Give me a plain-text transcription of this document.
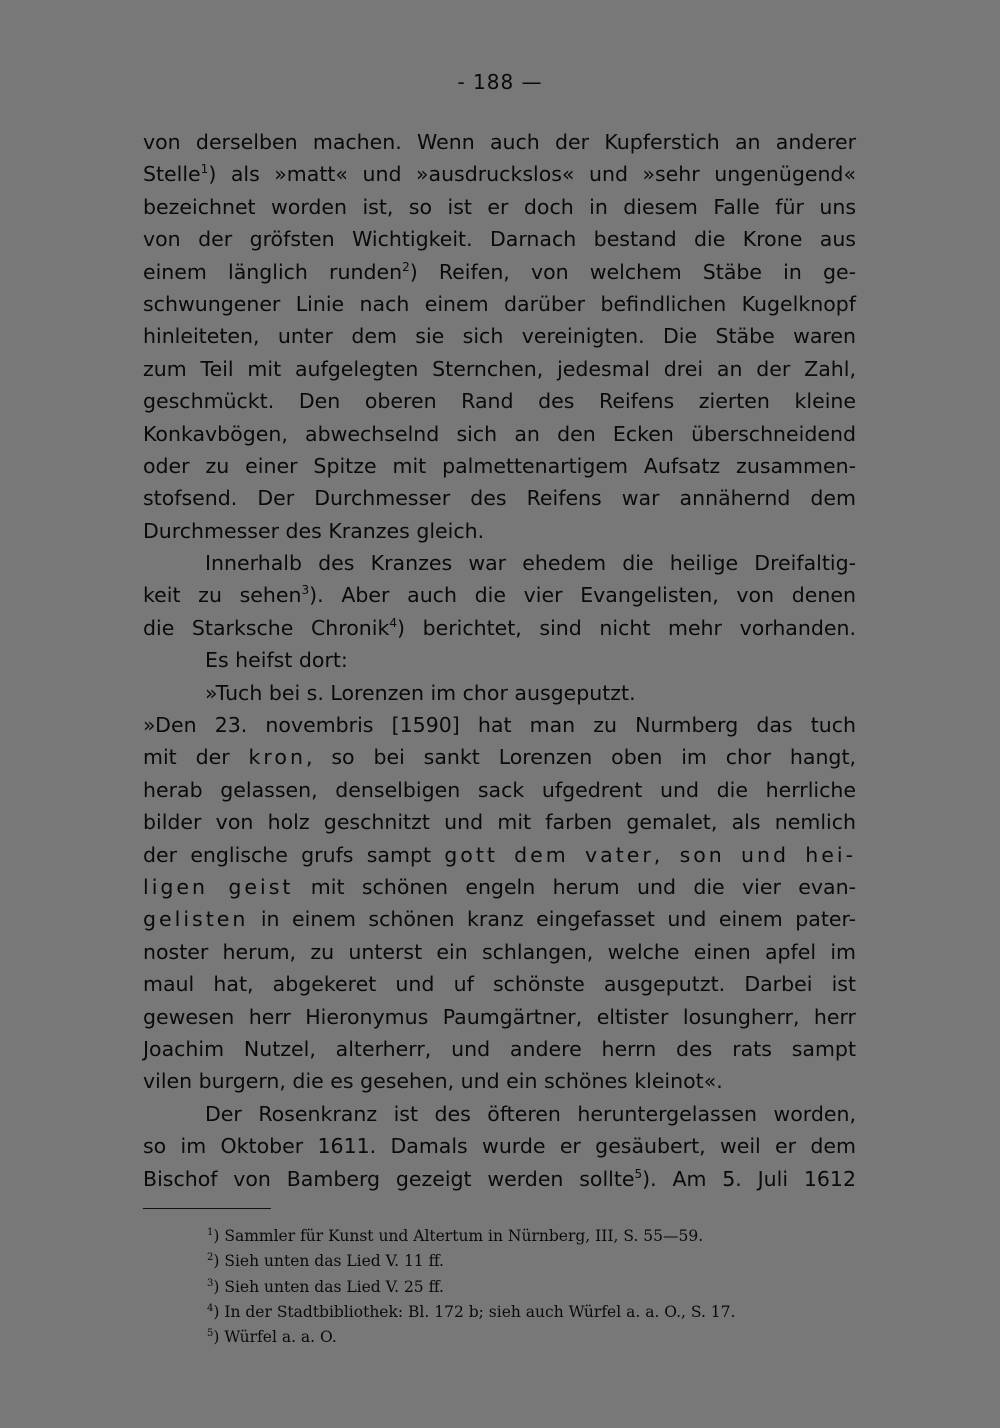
- 188 —
von derselben machen. Wenn auch der Kupferstich an anderer
Stelle$^1$) als »matt« und »ausdruckslos« und »sehr ungenügend«
bezeichnet worden ist, so ist er doch in diesem Falle für uns
von der gröfsten Wichtigkeit. Darnach bestand die Krone aus
einem länglich runden$^2$) Reifen, von welchem Stäbe in ge-
schwungener Linie nach einem darüber befindlichen Kugelknopf
hinleiteten, unter dem sie sich vereinigten. Die Stäbe waren
zum Teil mit aufgelegten Sternchen, jedesmal drei an der Zahl,
geschmückt. Den oberen Rand des Reifens zierten kleine
Konkavbögen, abwechselnd sich an den Ecken überschneidend
oder zu einer Spitze mit palmettenartigem Aufsatz zusammen-
stofsend. Der Durchmesser des Reifens war annähernd dem
Durchmesser des Kranzes gleich.
Innerhalb des Kranzes war ehedem die heilige Dreifaltig-
keit zu sehen$^3$). Aber auch die vier Evangelisten, von denen
die Starksche Chronik$^4$) berichtet, sind nicht mehr vorhanden.
Es heifst dort:
»Tuch bei s. Lorenzen im chor ausgeputzt.
»Den 23. novembris [1590] hat man zu Nurmberg das tuch
mit der kron, so bei sankt Lorenzen oben im chor hangt,
herab gelassen, denselbigen sack ufgedrent und die herrliche
bilder von holz geschnitzt und mit farben gemalet, als nemlich
der englische grufs sampt gott dem vater, son und hei-
ligen geist mit schönen engeln herum und die vier evan-
gelisten in einem schönen kranz eingefasset und einem pater-
noster herum, zu unterst ein schlangen, welche einen apfel im
maul hat, abgekeret und uf schönste ausgeputzt. Darbei ist
gewesen herr Hieronymus Paumgärtner, eltister losungherr, herr
Joachim Nutzel, alterherr, und andere herrn des rats sampt
vilen burgern, die es gesehen, und ein schönes kleinot«.
Der Rosenkranz ist des öfteren heruntergelassen worden,
so im Oktober 1611. Damals wurde er gesäubert, weil er dem
Bischof von Bamberg gezeigt werden sollte$^5$). Am 5. Juli 1612
$^1$) Sammler für Kunst und Altertum in Nürnberg, III, S. 55—59.
$^2$) Sieh unten das Lied V. 11 ff.
$^3$) Sieh unten das Lied V. 25 ff.
$^4$) In der Stadtbibliothek: Bl. 172 b; sieh auch Würfel a. a. O., S. 17.
$^5$) Würfel a. a. O.
